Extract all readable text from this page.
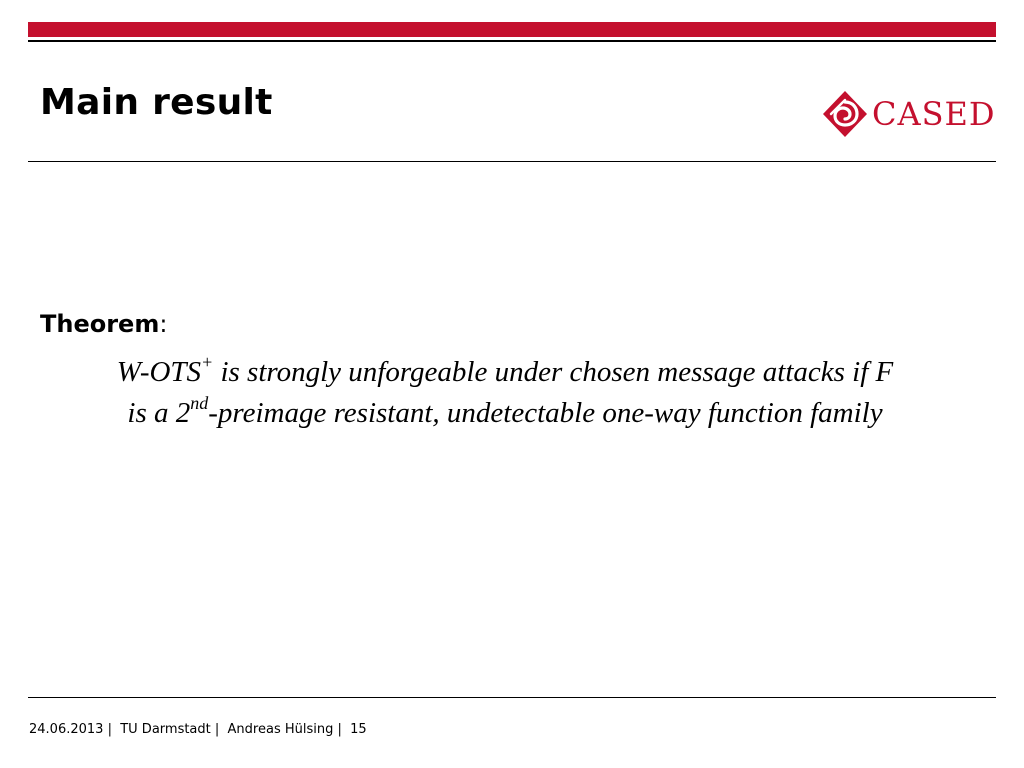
Main result	CASED
Theorem:
W-OTS+ is strongly unforgeable under chosen message attacks if F
is a 2nd-preimage resistant, undetectable one-way function family
24.06.2013 |  TU Darmstadt |  Andreas Hülsing |  15
